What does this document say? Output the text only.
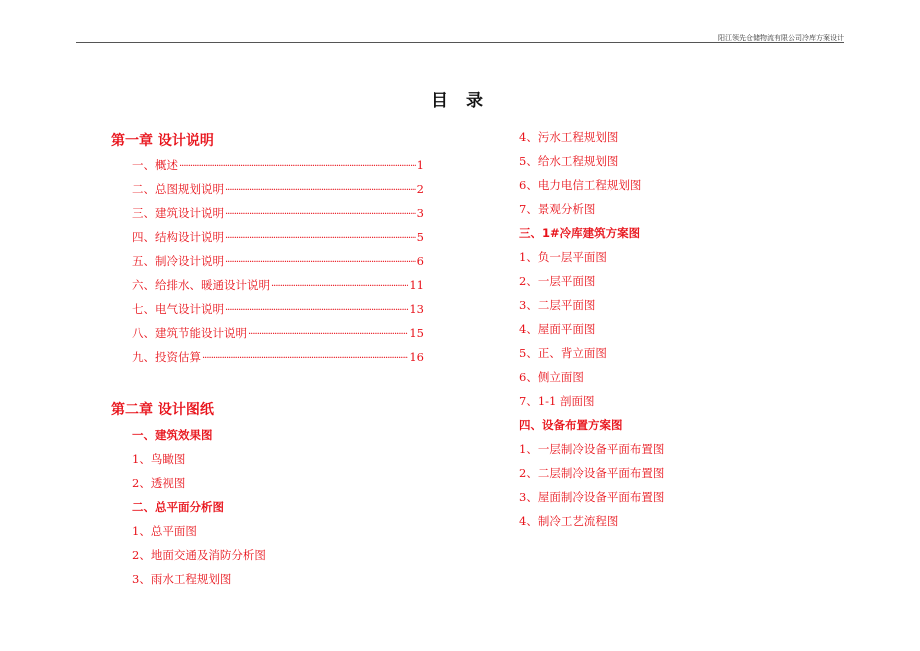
阳江领先仓储物流有限公司冷库方案设计
目 录
第一章 设计说明
一、概述 ·····	1
二、总图规划说明 ·····	2
三、建筑设计说明 ·····	3
四、结构设计说明 ·····	5
五、制冷设计说明 ·····	6
六、给排水、暖通设计说明 ·····	11
七、电气设计说明 ·····	13
八、建筑节能设计说明 ·····	15
九、投资估算 ·····	16
第二章 设计图纸
一、建筑效果图
1、鸟瞰图
2、透视图
二、总平面分析图
1、总平面图
2、地面交通及消防分析图
3、雨水工程规划图
4、污水工程规划图
5、给水工程规划图
6、电力电信工程规划图
7、景观分析图
三、1#冷库建筑方案图
1、负一层平面图
2、一层平面图
3、二层平面图
4、屋面平面图
5、正、背立面图
6、侧立面图
7、1-1 剖面图
四、设备布置方案图
1、一层制冷设备平面布置图
2、二层制冷设备平面布置图
3、屋面制冷设备平面布置图
4、制冷工艺流程图
